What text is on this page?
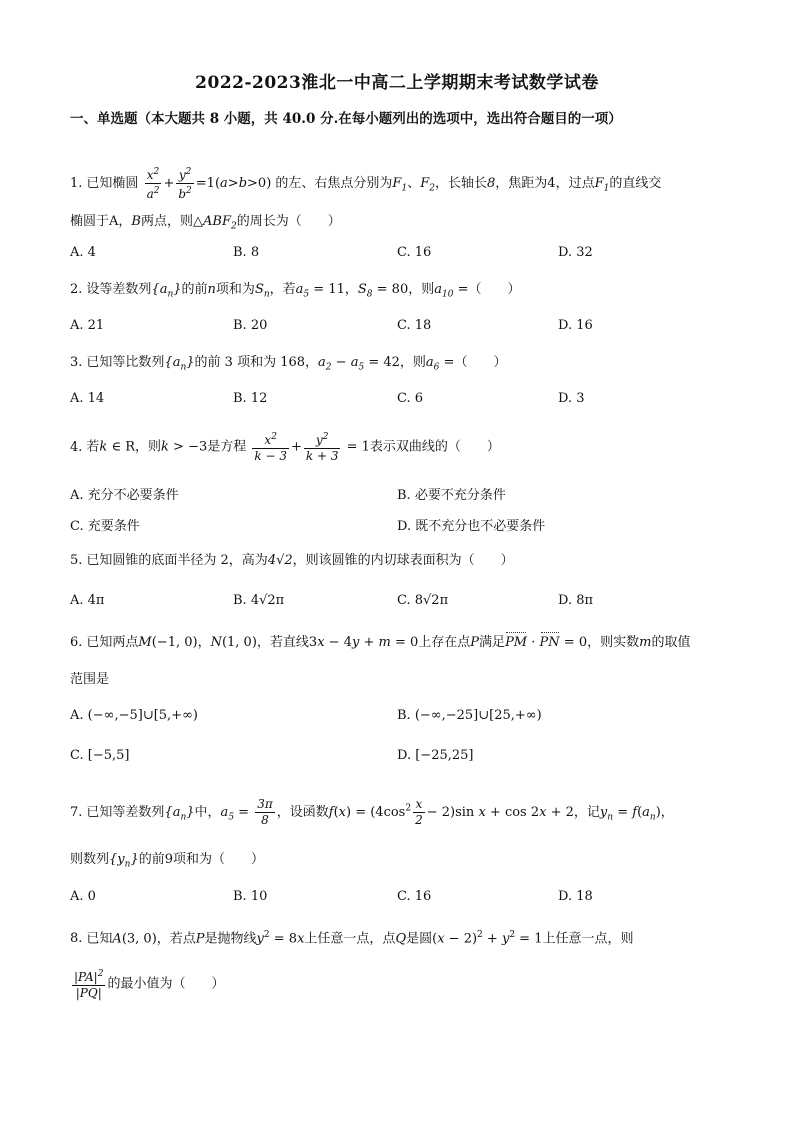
2022-2023淮北一中高二上学期期末考试数学试卷
一、单选题（本大题共 8 小题，共 40.0 分.在每小题列出的选项中，选出符合题目的一项）
1. 已知椭圆 $\frac{x^2}{a^2} + \frac{y^2}{b^2} =1(a>b>0)$ 的左、右焦点分别为$F_1$、$F_2$，长轴长8，焦距为4，过点$F_1$的直线交
椭圆于A，B两点，则$\triangle ABF_2$的周长为（　　）
A. 4	B. 8	C. 16	D. 32
2. 设等差数列$\{a_n\}$的前n项和为$S_n$，若$a_5 = 11$，$S_8 = 80$，则$a_{10}$ =（　　）
A. 21	B. 20	C. 18	D. 16
3. 已知等比数列$\{a_n\}$的前 3 项和为 168，$a_2 - a_5 = 42$，则$a_6$ =（　　）
A. 14	B. 12	C. 6	D. 3
4. 若k ∈ R，则k > −3是方程 $\frac{x^2}{k - 3} + \frac{y^2}{k + 3} = 1$表示双曲线的（　　）
A. 充分不必要条件	B. 必要不充分条件
C. 充要条件	D. 既不充分也不必要条件
5. 已知圆锥的底面半径为 2，高为4√2，则该圆锥的内切球表面积为（　　）
A. 4π	B. 4√2π	C. 8√2π	D. 8π
6. 已知两点M(−1, 0)，N(1, 0)，若直线3x − 4y + m = 0上存在点P满足PM · PN = 0，则实数m的取值
范围是
A. (−∞,−5]∪[5,+∞)	B. (−∞,−25]∪[25,+∞)
C. [−5,5]	D. [−25,25]
7. 已知等差数列$\{a_n\}$中，$a_5 = \frac{3\pi}{8}$ ，设函数$f(x) = (4\cos^2 \frac{x}{2} - 2)\sin$ x + cos 2x + 2，记$y_n = f(a_n)$，
则数列$\{y_n\}$的前9项和为（　　）
A. 0	B. 10	C. 16	D. 18
8. 已知A(3, 0)，若点P是抛物线$y^2 = 8x$上任意一点，点Q是圆$(x - 2)^2 + y^2 = 1$上任意一点，则
$\frac{|PA|^2}{|PQ|}$ 的最小值为（　　）
